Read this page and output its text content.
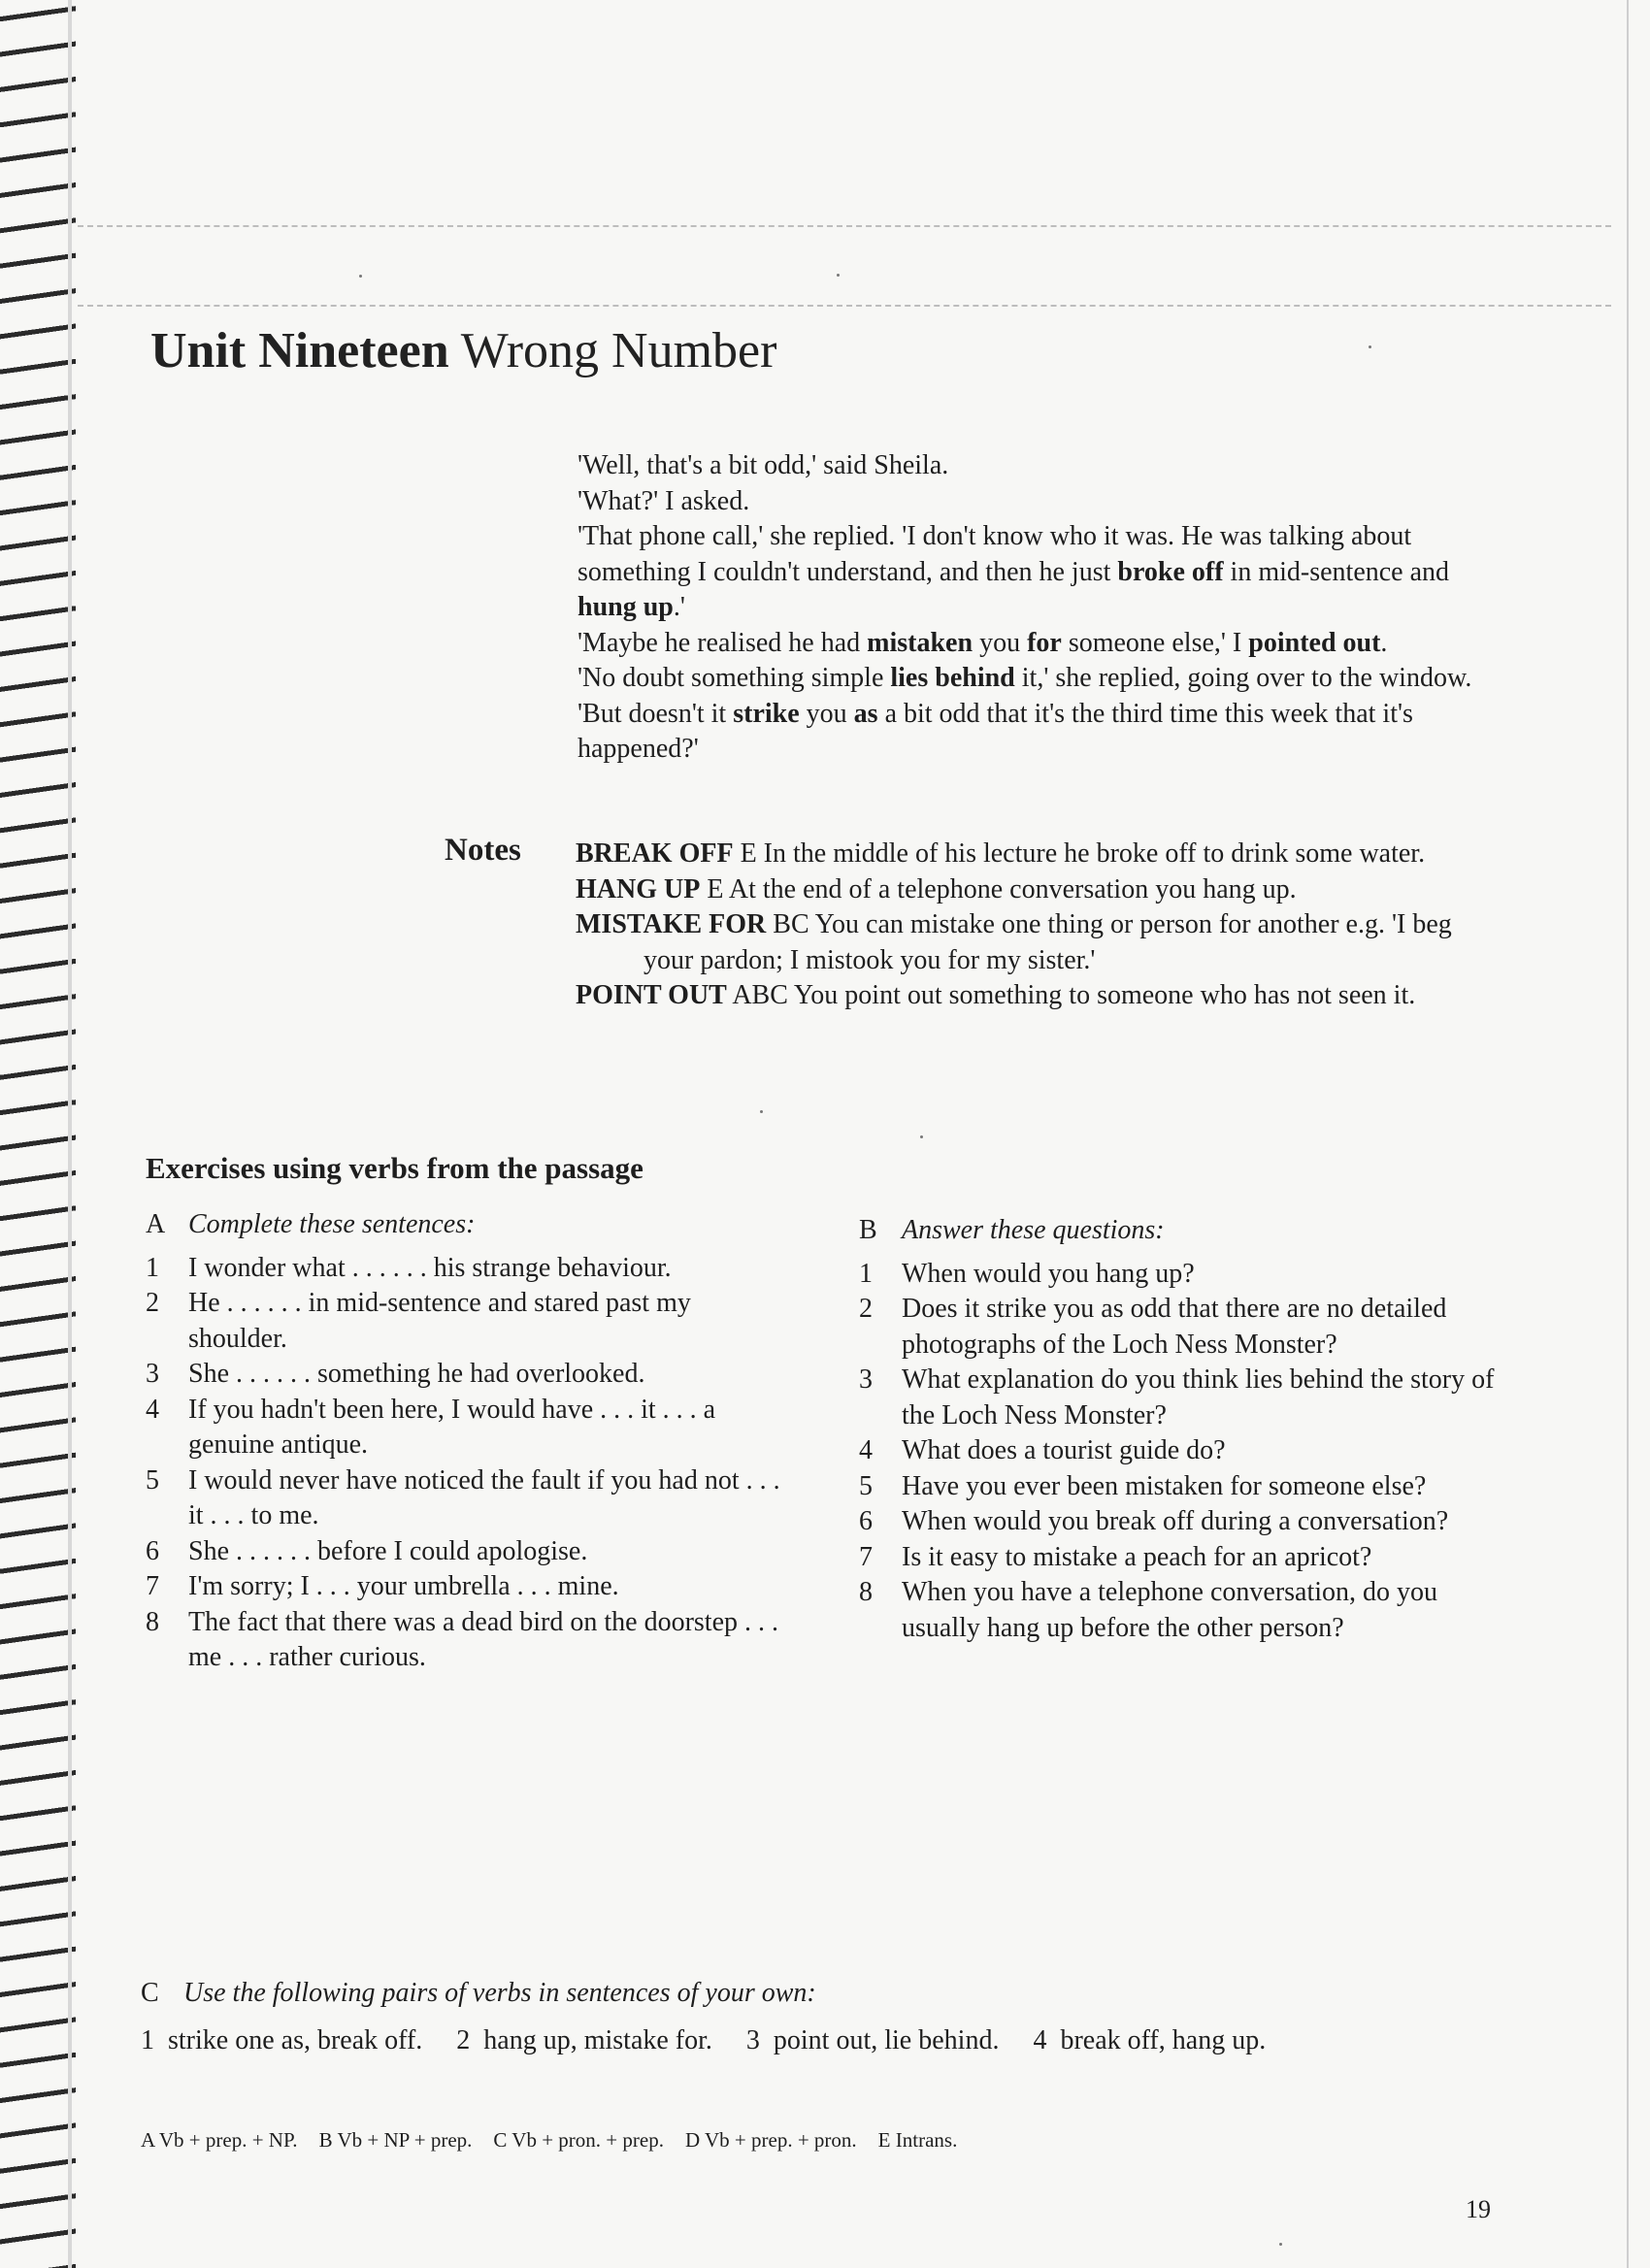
Unit Nineteen Wrong Number

'Well, that's a bit odd,' said Sheila.

'What?' I asked.

'That phone call,' she replied. 'I don't know who it was. He was talking about something I couldn't understand, and then he just broke off in mid-sentence and hung up.'

'Maybe he realised he had mistaken you for someone else,' I pointed out.

'No doubt something simple lies behind it,' she replied, going over to the window. 'But doesn't it strike you as a bit odd that it's the third time this week that it's happened?'

Notes BREAK OFF E In the middle of his lecture he broke off to drink some water.

HANG UP E At the end of a telephone conversation you hang up.

MISTAKE FOR BC You can mistake one thing or person for another e.g. 'I beg your pardon; I mistook you for my sister.'

POINT OUT ABC You point out something to someone who has not seen it.

Exercises using verbs from the passage

A Complete these sentences:

1	I wonder what . . . . . . his strange behaviour.
2	He . . . . . . in mid-sentence and stared past my shoulder.
3	She . . . . . . something he had overlooked.
4	If you hadn't been here, I would have . . . it . . . a genuine antique.
5	I would never have noticed the fault if you had not . . . it . . . to me.
6	She . . . . . . before I could apologise.
7	I'm sorry; I . . . your umbrella . . . mine.
8	The fact that there was a dead bird on the doorstep . . . me . . . rather curious.

B Answer these questions:

1	When would you hang up?
2	Does it strike you as odd that there are no detailed photographs of the Loch Ness Monster?
3	What explanation do you think lies behind the story of the Loch Ness Monster?
4	What does a tourist guide do?
5	Have you ever been mistaken for someone else?
6	When would you break off during a conversation?
7	Is it easy to mistake a peach for an apricot?
8	When you have a telephone conversation, do you usually hang up before the other person?

C Use the following pairs of verbs in sentences of your own:

1 strike one as, break off. 2 hang up, mistake for. 3 point out, lie behind. 4 break off, hang up.

A Vb + prep. + NP. B Vb + NP + prep. C Vb + pron. + prep. D Vb + prep. + pron. E Intrans.
19
